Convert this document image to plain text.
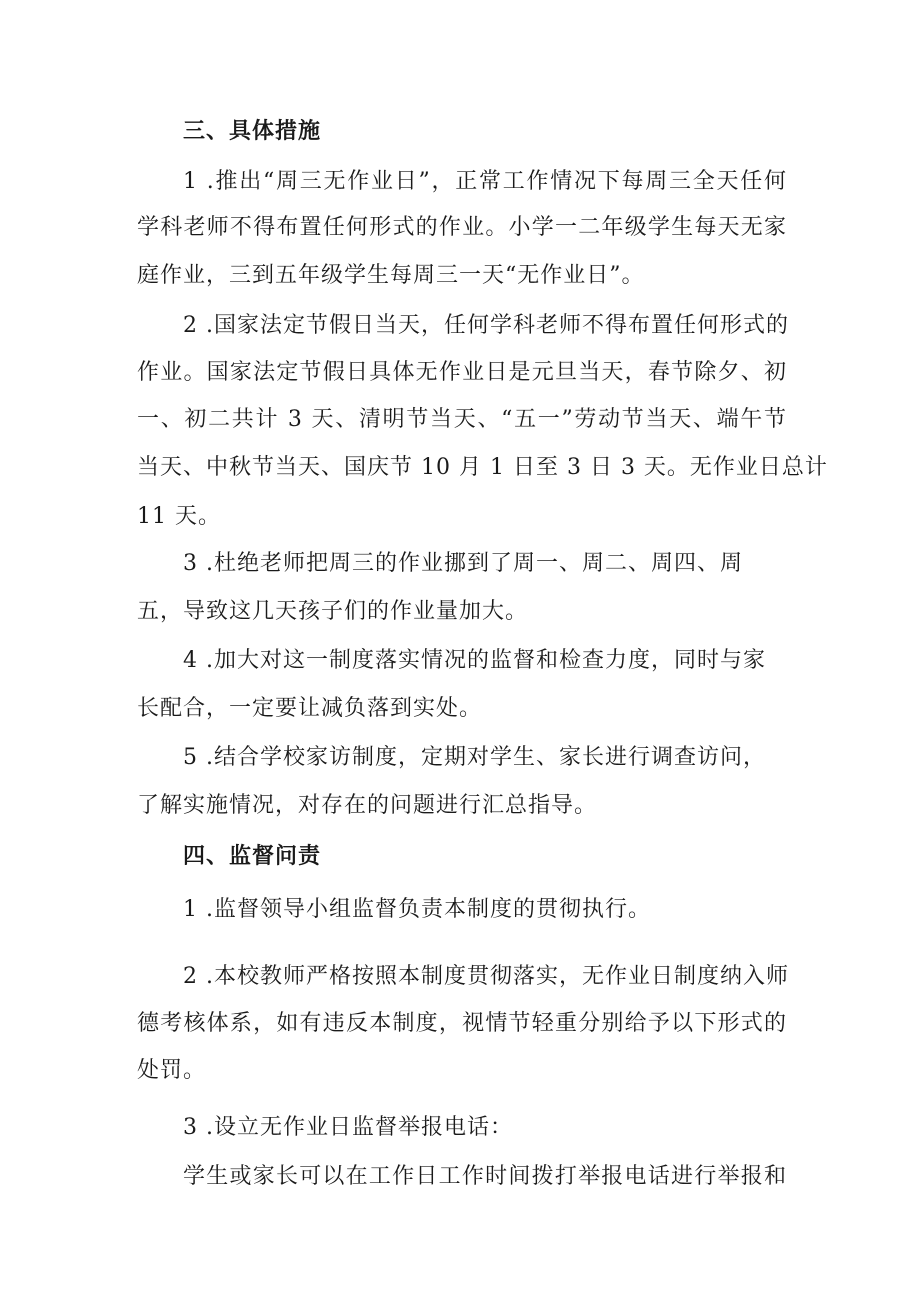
三、具体措施
1 .推出“周三无作业日”，正常工作情况下每周三全天任何
学科老师不得布置任何形式的作业。小学一二年级学生每天无家
庭作业，三到五年级学生每周三一天“无作业日”。
2 .国家法定节假日当天，任何学科老师不得布置任何形式的
作业。国家法定节假日具体无作业日是元旦当天，春节除夕、初
一、初二共计 3 天、清明节当天、“五一”劳动节当天、端午节
当天、中秋节当天、国庆节 10 月 1 日至 3 日 3 天。无作业日总计
11 天。
3 .杜绝老师把周三的作业挪到了周一、周二、周四、周
五，导致这几天孩子们的作业量加大。
4 .加大对这一制度落实情况的监督和检查力度，同时与家
长配合，一定要让减负落到实处。
5 .结合学校家访制度，定期对学生、家长进行调查访问，
了解实施情况，对存在的问题进行汇总指导。
四、监督问责
1 .监督领导小组监督负责本制度的贯彻执行。
2 .本校教师严格按照本制度贯彻落实，无作业日制度纳入师
德考核体系，如有违反本制度，视情节轻重分别给予以下形式的
处罚。
3 .设立无作业日监督举报电话：
学生或家长可以在工作日工作时间拨打举报电话进行举报和
